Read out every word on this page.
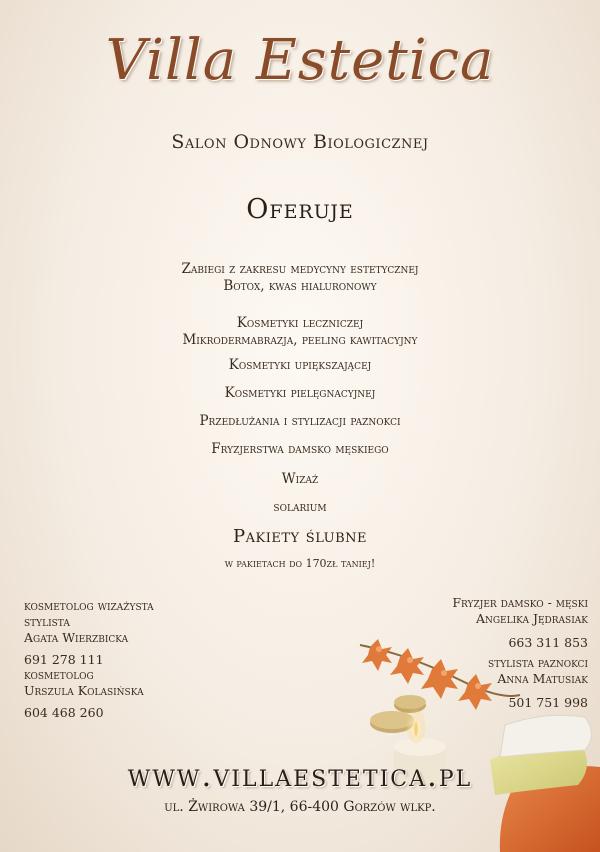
Villa Estetica
Salon Odnowy Biologicznej
Oferuje
Zabiegi z zakresu medycyny estetycznej
Botox, kwas hialuronowy
Kosmetyki leczniczej
Mikrodermabrazja, peeling kawitacyjny
Kosmetyki upiększającej
Kosmetyki pielęgnacyjnej
Przedłużania i stylizacji paznokci
Fryzjerstwa damsko męskiego
Wizaż
solarium
Pakiety ślubne
w pakietach do 170zł taniej!
kosmetolog wizażysta
stylista
Agata Wierzbicka
691 278 111
kosmetolog
Urszula Kolasińska
604 468 260
Fryzjer damsko - męski
Angelika Jędrasiak
663 311 853
stylista paznokci
Anna Matusiak
501 751 998
www.villaestetica.pl
ul. Żwirowa 39/1, 66-400 Gorzów wlkp.
